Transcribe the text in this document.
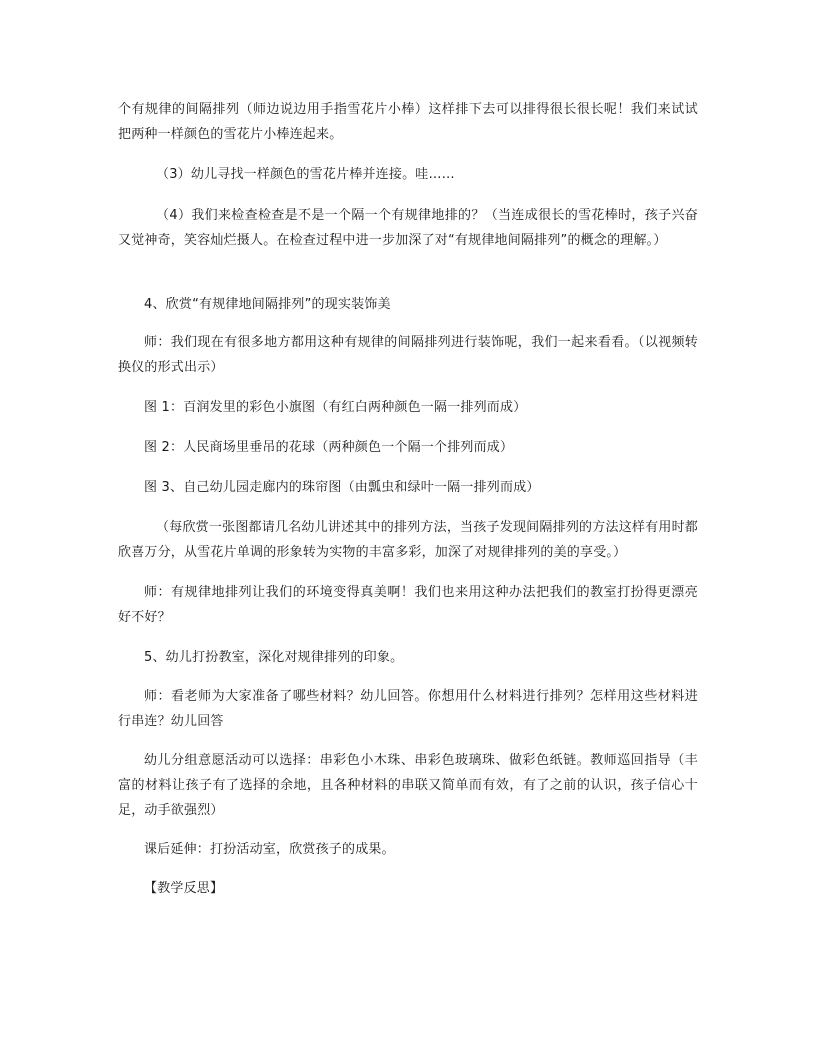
个有规律的间隔排列（师边说边用手指雪花片小棒）这样排下去可以排得很长很长呢！我们来试试把两种一样颜色的雪花片小棒连起来。

（3）幼儿寻找一样颜色的雪花片棒并连接。哇……

（4）我们来检查检查是不是一个隔一个有规律地排的？（当连成很长的雪花棒时，孩子兴奋又觉神奇，笑容灿烂摄人。在检查过程中进一步加深了对“有规律地间隔排列”的概念的理解。）

4、欣赏“有规律地间隔排列”的现实装饰美

师：我们现在有很多地方都用这种有规律的间隔排列进行装饰呢，我们一起来看看。（以视频转换仪的形式出示）

图 1：百润发里的彩色小旗图（有红白两种颜色一隔一排列而成）

图 2：人民商场里垂吊的花球（两种颜色一个隔一个排列而成）

图 3、自己幼儿园走廊内的珠帘图（由瓢虫和绿叶一隔一排列而成）

（每欣赏一张图都请几名幼儿讲述其中的排列方法，当孩子发现间隔排列的方法这样有用时都欣喜万分，从雪花片单调的形象转为实物的丰富多彩，加深了对规律排列的美的享受。）

师：有规律地排列让我们的环境变得真美啊！我们也来用这种办法把我们的教室打扮得更漂亮好不好？

5、幼儿打扮教室，深化对规律排列的印象。

师：看老师为大家准备了哪些材料？幼儿回答。你想用什么材料进行排列？怎样用这些材料进行串连？幼儿回答

幼儿分组意愿活动可以选择：串彩色小木珠、串彩色玻璃珠、做彩色纸链。教师巡回指导（丰富的材料让孩子有了选择的余地，且各种材料的串联又简单而有效，有了之前的认识，孩子信心十足，动手欲强烈）

课后延伸：打扮活动室，欣赏孩子的成果。

【教学反思】
